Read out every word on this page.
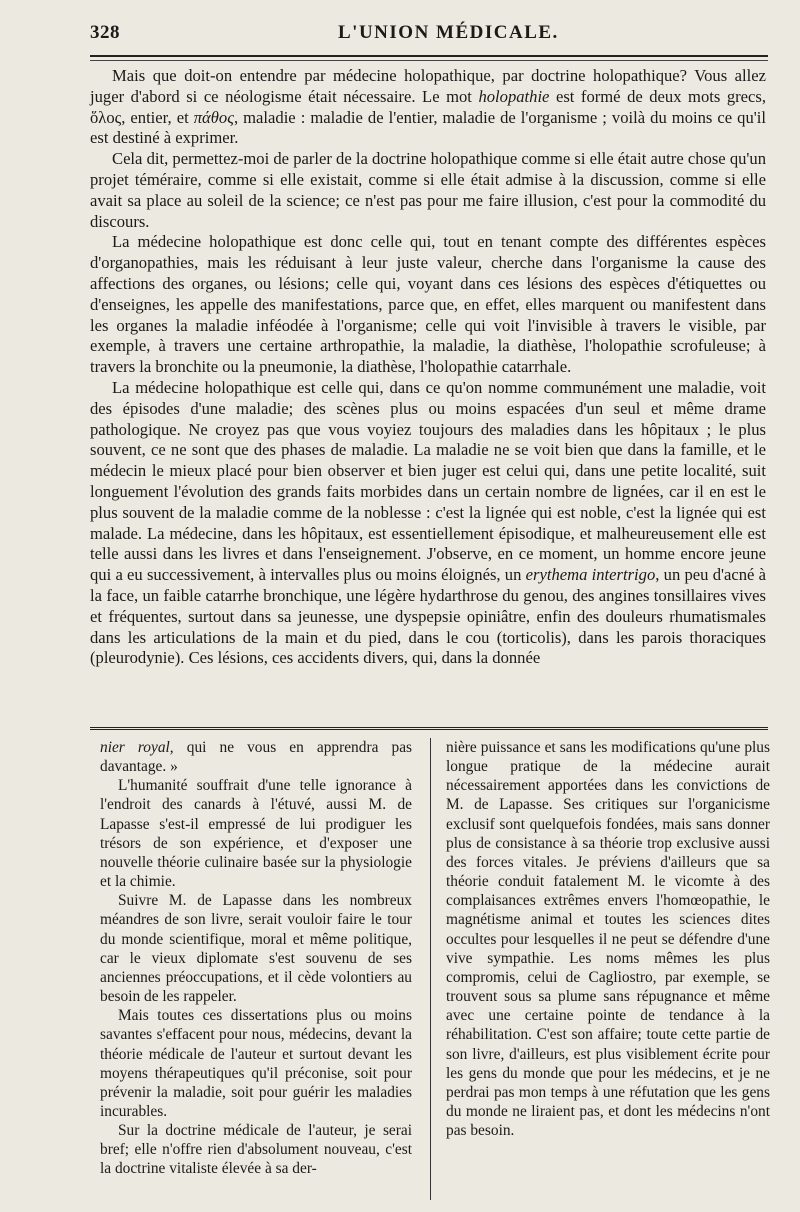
328	L'UNION MÉDICALE.

Mais que doit-on entendre par médecine holopathique, par doctrine holopathique? Vous allez juger d'abord si ce néologisme était nécessaire. Le mot holopathie est formé de deux mots grecs, ὅλος, entier, et πάθος, maladie : maladie de l'entier, maladie de l'organisme ; voilà du moins ce qu'il est destiné à exprimer.

Cela dit, permettez-moi de parler de la doctrine holopathique comme si elle était autre chose qu'un projet téméraire, comme si elle existait, comme si elle était admise à la discussion, comme si elle avait sa place au soleil de la science; ce n'est pas pour me faire illusion, c'est pour la commodité du discours.

La médecine holopathique est donc celle qui, tout en tenant compte des différentes espèces d'organopathies, mais les réduisant à leur juste valeur, cherche dans l'organisme la cause des affections des organes, ou lésions; celle qui, voyant dans ces lésions des espèces d'étiquettes ou d'enseignes, les appelle des manifestations, parce que, en effet, elles marquent ou manifestent dans les organes la maladie inféodée à l'organisme; celle qui voit l'invisible à travers le visible, par exemple, à travers une certaine arthropathie, la maladie, la diathèse, l'holopathie scrofuleuse; à travers la bronchite ou la pneumonie, la diathèse, l'holopathie catarrhale.

La médecine holopathique est celle qui, dans ce qu'on nomme communément une maladie, voit des épisodes d'une maladie; des scènes plus ou moins espacées d'un seul et même drame pathologique. Ne croyez pas que vous voyiez toujours des maladies dans les hôpitaux ; le plus souvent, ce ne sont que des phases de maladie. La maladie ne se voit bien que dans la famille, et le médecin le mieux placé pour bien observer et bien juger est celui qui, dans une petite localité, suit longuement l'évolution des grands faits morbides dans un certain nombre de lignées, car il en est le plus souvent de la maladie comme de la noblesse : c'est la lignée qui est noble, c'est la lignée qui est malade. La médecine, dans les hôpitaux, est essentiellement épisodique, et malheureusement elle est telle aussi dans les livres et dans l'enseignement. J'observe, en ce moment, un homme encore jeune qui a eu successivement, à intervalles plus ou moins éloignés, un erythema intertrigo, un peu d'acné à la face, un faible catarrhe bronchique, une légère hydarthrose du genou, des angines tonsillaires vives et fréquentes, surtout dans sa jeunesse, une dyspepsie opiniâtre, enfin des douleurs rhumatismales dans les articulations de la main et du pied, dans le cou (torticolis), dans les parois thoraciques (pleurodynie). Ces lésions, ces accidents divers, qui, dans la donnée

nier royal, qui ne vous en apprendra pas davantage. »

L'humanité souffrait d'une telle ignorance à l'endroit des canards à l'étuvé, aussi M. de Lapasse s'est-il empressé de lui prodiguer les trésors de son expérience, et d'exposer une nouvelle théorie culinaire basée sur la physiologie et la chimie.

Suivre M. de Lapasse dans les nombreux méandres de son livre, serait vouloir faire le tour du monde scientifique, moral et même politique, car le vieux diplomate s'est souvenu de ses anciennes préoccupations, et il cède volontiers au besoin de les rappeler.

Mais toutes ces dissertations plus ou moins savantes s'effacent pour nous, médecins, devant la théorie médicale de l'auteur et surtout devant les moyens thérapeutiques qu'il préconise, soit pour prévenir la maladie, soit pour guérir les maladies incurables.

Sur la doctrine médicale de l'auteur, je serai bref; elle n'offre rien d'absolument nouveau, c'est la doctrine vitaliste élevée à sa der-

nière puissance et sans les modifications qu'une plus longue pratique de la médecine aurait nécessairement apportées dans les convictions de M. de Lapasse. Ses critiques sur l'organicisme exclusif sont quelquefois fondées, mais sans donner plus de consistance à sa théorie trop exclusive aussi des forces vitales. Je préviens d'ailleurs que sa théorie conduit fatalement M. le vicomte à des complaisances extrêmes envers l'homœopathie, le magnétisme animal et toutes les sciences dites occultes pour lesquelles il ne peut se défendre d'une vive sympathie. Les noms mêmes les plus compromis, celui de Cagliostro, par exemple, se trouvent sous sa plume sans répugnance et même avec une certaine pointe de tendance à la réhabilitation. C'est son affaire; toute cette partie de son livre, d'ailleurs, est plus visiblement écrite pour les gens du monde que pour les médecins, et je ne perdrai pas mon temps à une réfutation que les gens du monde ne liraient pas, et dont les médecins n'ont pas besoin.
